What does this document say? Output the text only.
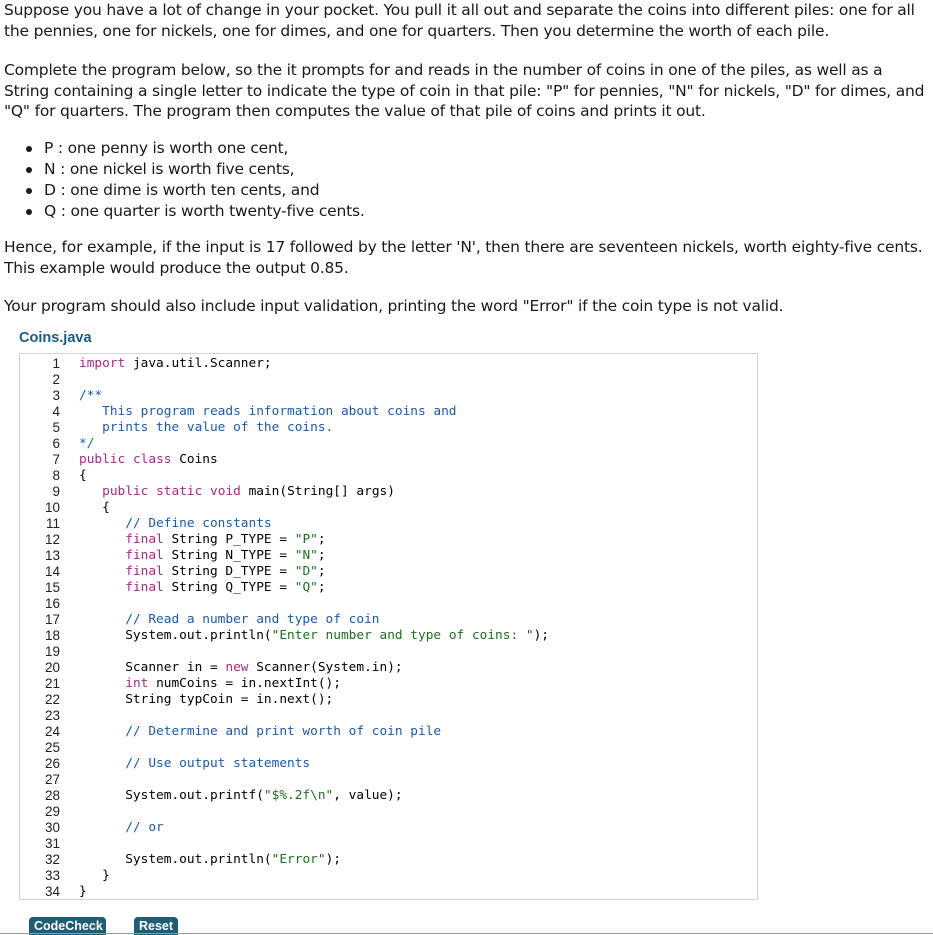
Suppose you have a lot of change in your pocket. You pull it all out and separate the coins into different piles: one for all the pennies, one for nickels, one for dimes, and one for quarters. Then you determine the worth of each pile.

Complete the program below, so the it prompts for and reads in the number of coins in one of the piles, as well as a String containing a single letter to indicate the type of coin in that pile: "P" for pennies, "N" for nickels, "D" for dimes, and "Q" for quarters. The program then computes the value of that pile of coins and prints it out.

P : one penny is worth one cent,
N : one nickel is worth five cents,
D : one dime is worth ten cents, and
Q : one quarter is worth twenty-five cents.

Hence, for example, if the input is 17 followed by the letter 'N', then there are seventeen nickels, worth eighty-five cents. This example would produce the output 0.85.

Your program should also include input validation, printing the word "Error" if the coin type is not valid.

Coins.java
1
2
3
4
5
6
7
8
9
10
11
12
13
14
15
16
17
18
19
20
21
22
23
24
25
26
27
28
29
30
31
32
33
34
import java.util.Scanner;
/**
This program reads information about coins and
prints the value of the coins.
*/
public class Coins
{
public static void main(String[] args)
{
// Define constants
final String P_TYPE = "P";
final String N_TYPE = "N";
final String D_TYPE = "D";
final String Q_TYPE = "Q";
// Read a number and type of coin
System.out.println("Enter number and type of coins: ");
Scanner in = new Scanner(System.in);
int numCoins = in.nextInt();
String typCoin = in.next();
// Determine and print worth of coin pile
// Use output statements
System.out.printf("$%.2f\n", value);
// or
System.out.println("Error");
}
}
CodeCheck	Reset
